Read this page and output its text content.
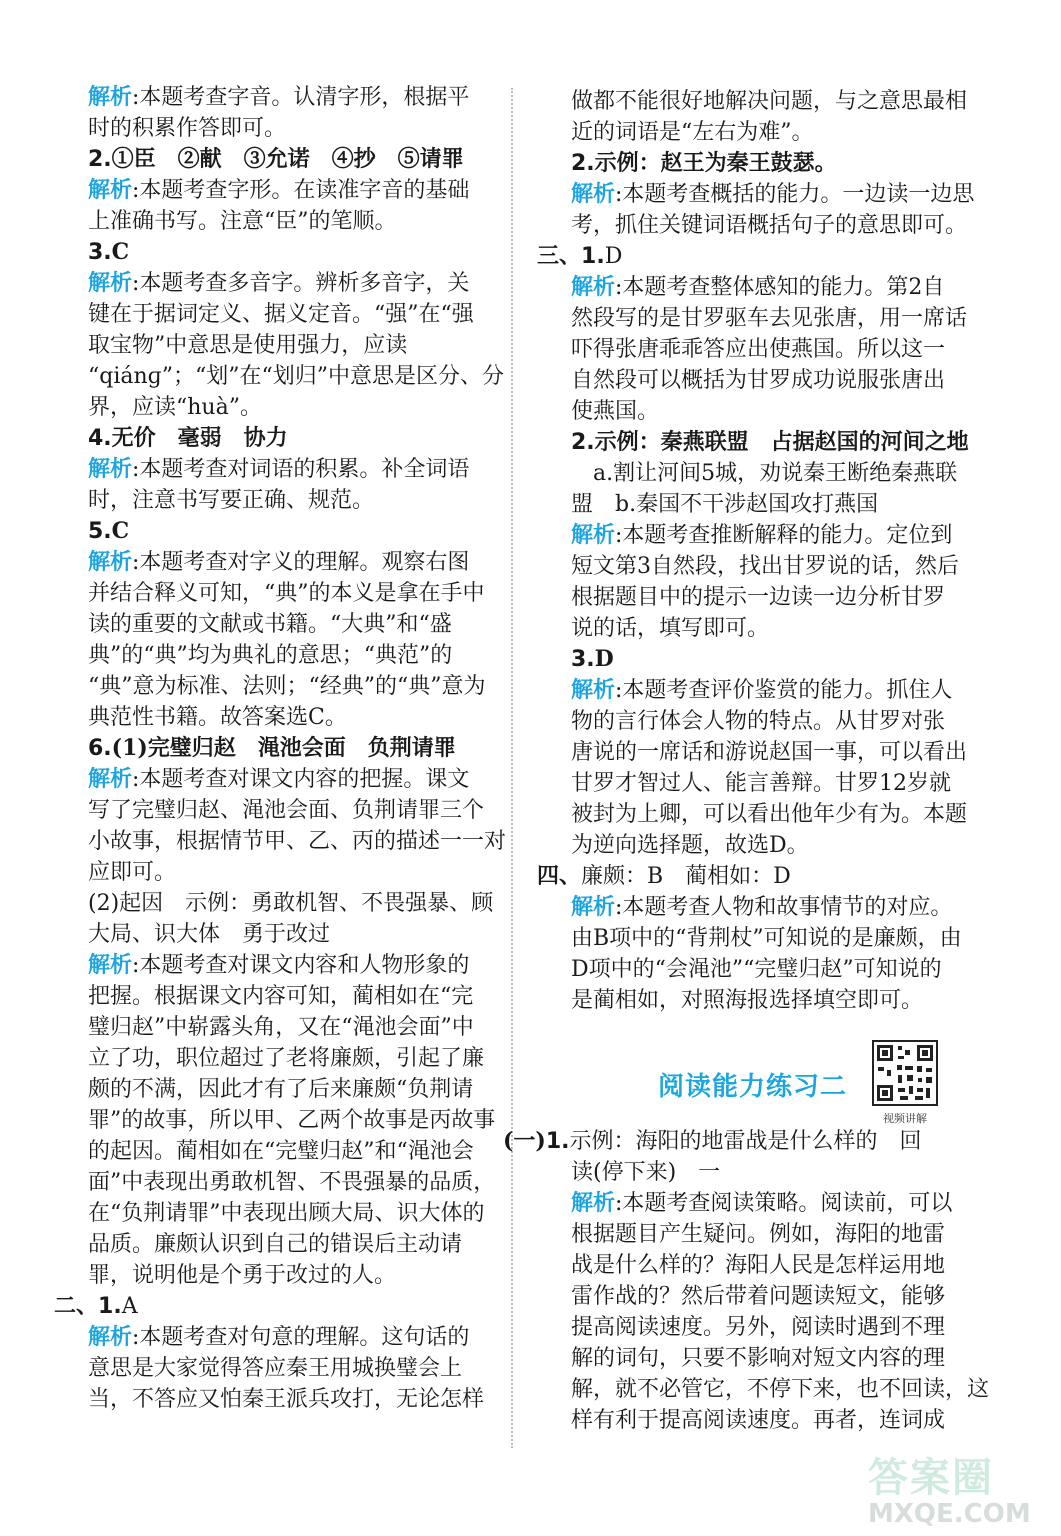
解析:本题考查字音。认清字形，根据平
时的积累作答即可。
2.①臣　②献　③允诺　④抄　⑤请罪
解析:本题考查字形。在读准字音的基础
上准确书写。注意“臣”的笔顺。
3.C
解析:本题考查多音字。辨析多音字，关
键在于据词定义、据义定音。“强”在“强
取宝物”中意思是使用强力，应读
“qiánɡ”；“划”在“划归”中意思是区分、分
界，应读“huà”。
4.无价　毫弱　协力
解析:本题考查对词语的积累。补全词语
时，注意书写要正确、规范。
5.C
解析:本题考查对字义的理解。观察右图
并结合释义可知，“典”的本义是拿在手中
读的重要的文献或书籍。“大典”和“盛
典”的“典”均为典礼的意思；“典范”的
“典”意为标准、法则；“经典”的“典”意为
典范性书籍。故答案选C。
6.(1)完璧归赵　渑池会面　负荆请罪
解析:本题考查对课文内容的把握。课文
写了完璧归赵、渑池会面、负荆请罪三个
小故事，根据情节甲、乙、丙的描述一一对
应即可。
(2)起因　示例：勇敢机智、不畏强暴、顾
大局、识大体　勇于改过
解析:本题考查对课文内容和人物形象的
把握。根据课文内容可知，蔺相如在“完
璧归赵”中崭露头角，又在“渑池会面”中
立了功，职位超过了老将廉颇，引起了廉
颇的不满，因此才有了后来廉颇“负荆请
罪”的故事，所以甲、乙两个故事是丙故事
的起因。蔺相如在“完璧归赵”和“渑池会
面”中表现出勇敢机智、不畏强暴的品质，
在“负荆请罪”中表现出顾大局、识大体的
品质。廉颇认识到自己的错误后主动请
罪，说明他是个勇于改过的人。
二、1.A
解析:本题考查对句意的理解。这句话的
意思是大家觉得答应秦王用城换璧会上
当，不答应又怕秦王派兵攻打，无论怎样
做都不能很好地解决问题，与之意思最相
近的词语是“左右为难”。
2.示例：赵王为秦王鼓瑟。
解析:本题考查概括的能力。一边读一边思
考，抓住关键词语概括句子的意思即可。
三、1.D
解析:本题考查整体感知的能力。第2自
然段写的是甘罗驱车去见张唐，用一席话
吓得张唐乖乖答应出使燕国。所以这一
自然段可以概括为甘罗成功说服张唐出
使燕国。
2.示例：秦燕联盟　占据赵国的河间之地
　a.割让河间5城，劝说秦王断绝秦燕联
盟　b.秦国不干涉赵国攻打燕国
解析:本题考查推断解释的能力。定位到
短文第3自然段，找出甘罗说的话，然后
根据题目中的提示一边读一边分析甘罗
说的话，填写即可。
3.D
解析:本题考查评价鉴赏的能力。抓住人
物的言行体会人物的特点。从甘罗对张
唐说的一席话和游说赵国一事，可以看出
甘罗才智过人、能言善辩。甘罗12岁就
被封为上卿，可以看出他年少有为。本题
为逆向选择题，故选D。
四、廉颇：B　蔺相如：D
解析:本题考查人物和故事情节的对应。
由B项中的“背荆杖”可知说的是廉颇，由
D项中的“会渑池”“完璧归赵”可知说的
是蔺相如，对照海报选择填空即可。
阅读能力练习二
视频讲解
(一)1.示例：海阳的地雷战是什么样的　回
读(停下来)　一
解析:本题考查阅读策略。阅读前，可以
根据题目产生疑问。例如，海阳的地雷
战是什么样的？海阳人民是怎样运用地
雷作战的？然后带着问题读短文，能够
提高阅读速度。另外，阅读时遇到不理
解的词句，只要不影响对短文内容的理
解，就不必管它，不停下来，也不回读，这
样有利于提高阅读速度。再者，连词成
答案圈
MXQE.COM
